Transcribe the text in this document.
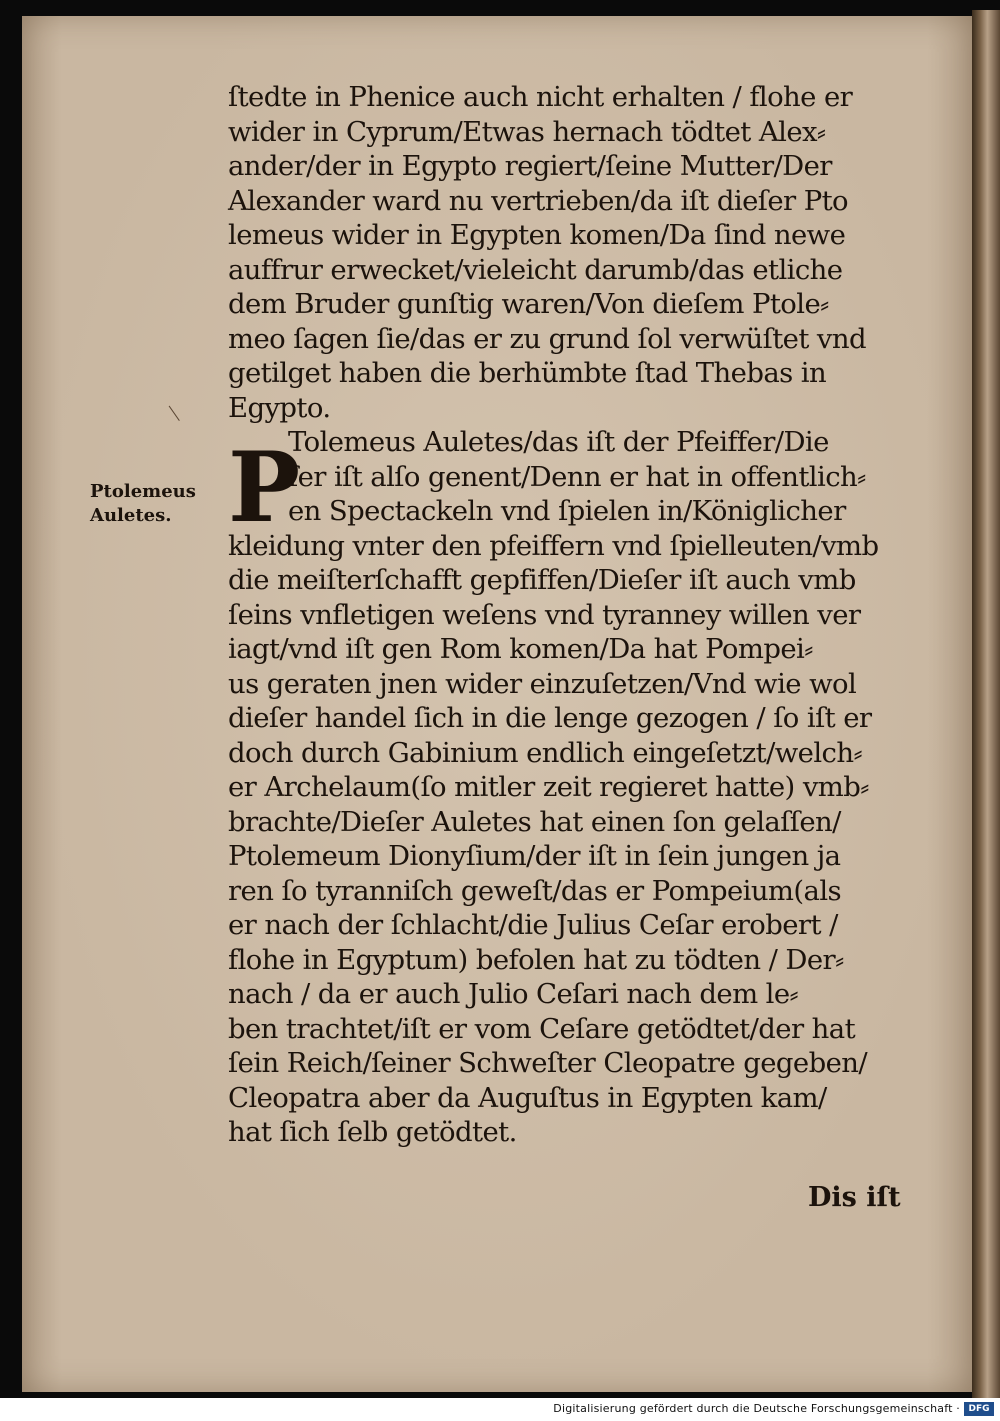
Ptolemeus
Auletes. P
ſtedte in Phenice auch nicht erhalten / flohe er
wider in Cyprum/Etwas hernach tödtet Alex⸗
ander/der in Egypto regiert/ſeine Mutter/Der
Alexander ward nu vertrieben/da iſt dieſer Pto
lemeus wider in Egypten komen/Da ſind newe
auffrur erwecket/vieleicht darumb/das etliche
dem Bruder gunſtig waren/Von dieſem Ptole⸗
meo ſagen ſie/das er zu grund ſol verwüſtet vnd
getilget haben die berhümbte ſtad Thebas in
Egypto.
Tolemeus Auletes/das iſt der Pfeiffer/Die
ſer iſt alſo genent/Denn er hat in offentlich⸗
en Spectackeln vnd ſpielen in/Königlicher
kleidung vnter den pfeiffern vnd ſpielleuten/vmb
die meiſterſchafft gepfiffen/Dieſer iſt auch vmb
ſeins vnfletigen weſens vnd tyranney willen ver
iagt/vnd iſt gen Rom komen/Da hat Pompei⸗
us geraten jnen wider einzuſetzen/Vnd wie wol
dieſer handel ſich in die lenge gezogen / ſo iſt er
doch durch Gabinium endlich eingeſetzt/welch⸗
er Archelaum(ſo mitler zeit regieret hatte) vmb⸗
brachte/Dieſer Auletes hat einen ſon gelaſſen/
Ptolemeum Dionyſium/der iſt in ſein jungen ja
ren ſo tyranniſch geweſt/das er Pompeium(als
er nach der ſchlacht/die Julius Ceſar erobert /
flohe in Egyptum) befolen hat zu tödten / Der⸗
nach / da er auch Julio Ceſari nach dem le⸗
ben trachtet/iſt er vom Ceſare getödtet/der hat
ſein Reich/ſeiner Schweſter Cleopatre gegeben/
Cleopatra aber da Auguſtus in Egypten kam/
hat ſich ſelb getödtet.
Dis iſt
Digitalisierung gefördert durch die Deutsche Forschungsgemeinschaft · DFG
